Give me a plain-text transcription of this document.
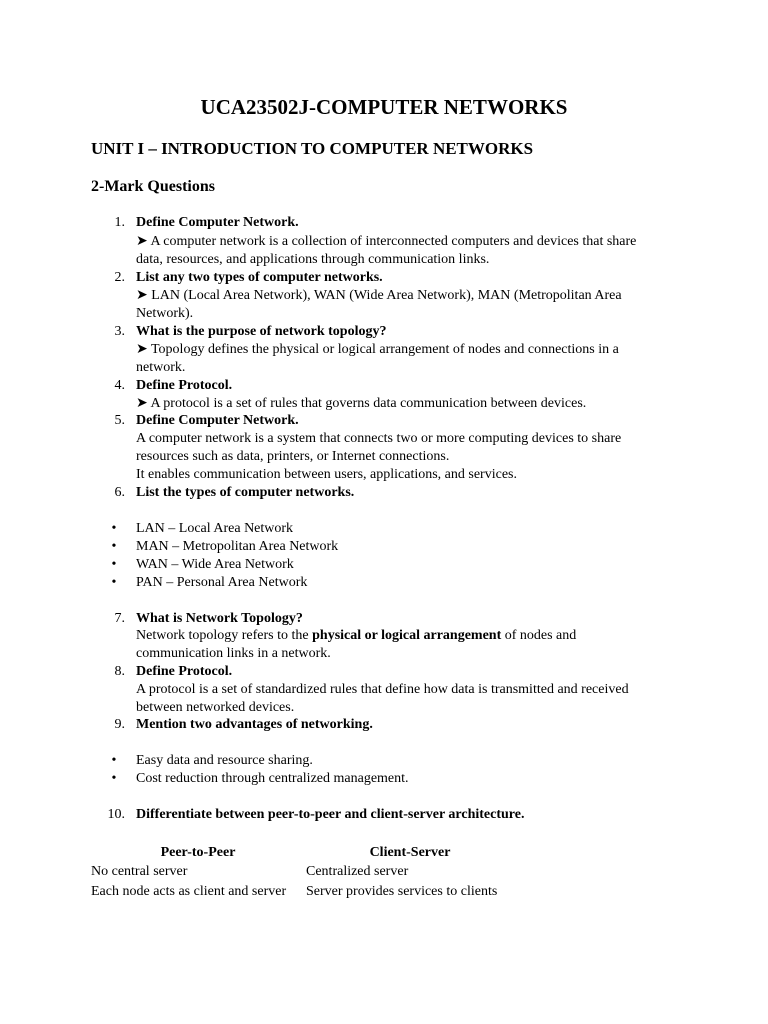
UCA23502J-COMPUTER NETWORKS
UNIT I – INTRODUCTION TO COMPUTER NETWORKS
2-Mark Questions
1. Define Computer Network.
➤ A computer network is a collection of interconnected computers and devices that share
data, resources, and applications through communication links.
2. List any two types of computer networks.
➤ LAN (Local Area Network), WAN (Wide Area Network), MAN (Metropolitan Area
Network).
3. What is the purpose of network topology?
➤ Topology defines the physical or logical arrangement of nodes and connections in a
network.
4. Define Protocol.
➤ A protocol is a set of rules that governs data communication between devices.
5. Define Computer Network.
A computer network is a system that connects two or more computing devices to share
resources such as data, printers, or Internet connections.
It enables communication between users, applications, and services.
6. List the types of computer networks.
• LAN – Local Area Network
• MAN – Metropolitan Area Network
• WAN – Wide Area Network
• PAN – Personal Area Network
7. What is Network Topology?
Network topology refers to the physical or logical arrangement of nodes and
communication links in a network.
8. Define Protocol.
A protocol is a set of standardized rules that define how data is transmitted and received
between networked devices.
9. Mention two advantages of networking.
• Easy data and resource sharing.
• Cost reduction through centralized management.
10. Differentiate between peer-to-peer and client-server architecture.
Peer-to-Peer	Client-Server
No central server	Centralized server
Each node acts as client and server Server provides services to clients
